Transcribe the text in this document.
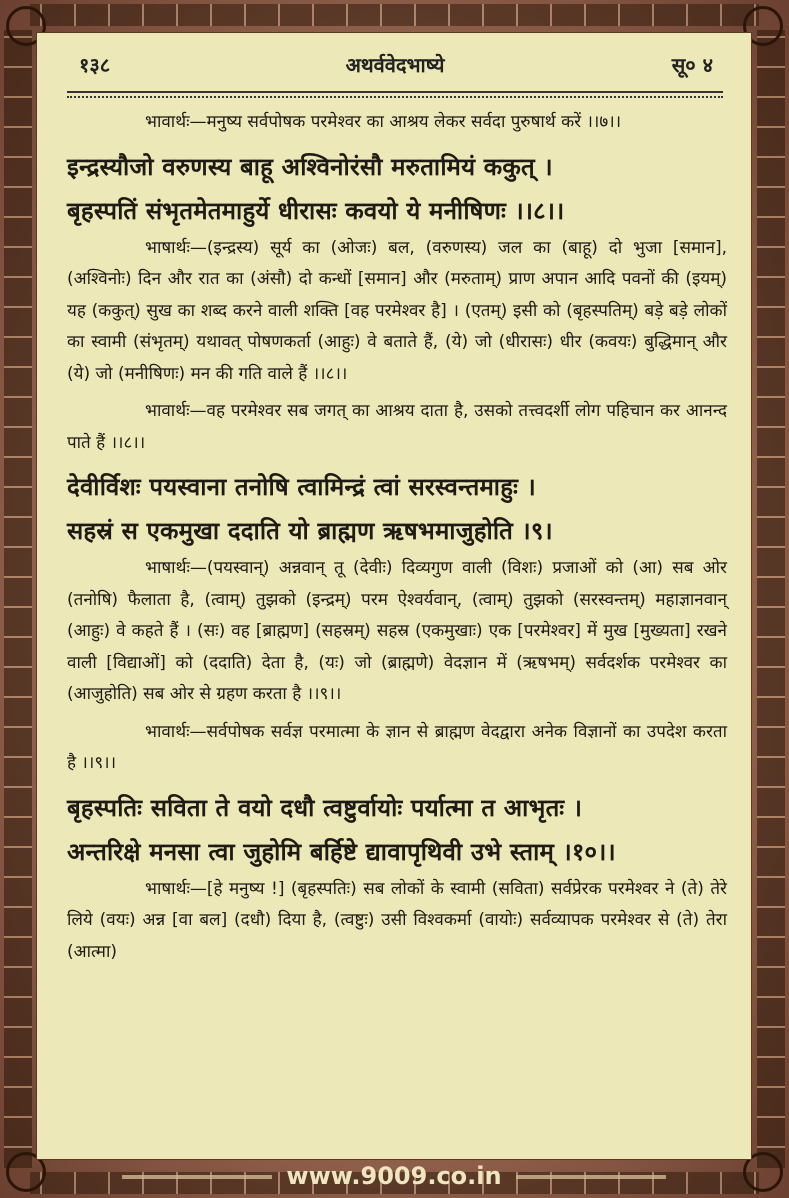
१३८	अथर्ववेदभाष्ये	सू० ४

भावार्थः—मनुष्य सर्वपोषक परमेश्वर का आश्रय लेकर सर्वदा पुरुषार्थ करें ।।७।।

इन्द्रस्यौजो वरुणस्य बाहू अश्विनोरंसौ मरुतामियं ककुत् ।

बृहस्पतिं संभृतमेतमाहुर्ये धीरासः कवयो ये मनीषिणः ।।८।।

भाषार्थः—(इन्द्रस्य) सूर्य का (ओजः) बल, (वरुणस्य) जल का (बाहू) दो भुजा [समान], (अश्विनोः) दिन और रात का (अंसौ) दो कन्धों [समान] और (मरुताम्) प्राण अपान आदि पवनों की (इयम्) यह (ककुत्) सुख का शब्द करने वाली शक्ति [वह परमेश्वर है] । (एतम्) इसी को (बृहस्पतिम्) बड़े बड़े लोकों का स्वामी (संभृतम्) यथावत् पोषणकर्ता (आहुः) वे बताते हैं, (ये) जो (धीरासः) धीर (कवयः) बुद्धिमान् और (ये) जो (मनीषिणः) मन की गति वाले हैं ।।८।।

भावार्थः—वह परमेश्वर सब जगत् का आश्रय दाता है, उसको तत्त्वदर्शी लोग पहिचान कर आनन्द पाते हैं ।।८।।

देवीर्विशः पयस्वाना तनोषि त्वामिन्द्रं त्वां सरस्वन्तमाहुः ।

सहस्रं स एकमुखा ददाति यो ब्राह्मण ऋषभमाजुहोति ।९।

भाषार्थः—(पयस्वान्) अन्नवान् तू (देवीः) दिव्यगुण वाली (विशः) प्रजाओं को (आ) सब ओर (तनोषि) फैलाता है, (त्वाम्) तुझको (इन्द्रम्) परम ऐश्वर्यवान्, (त्वाम्) तुझको (सरस्वन्तम्) महाज्ञानवान् (आहुः) वे कहते हैं । (सः) वह [ब्राह्मण] (सहस्रम्) सहस्र (एकमुखाः) एक [परमेश्वर] में मुख [मुख्यता] रखने वाली [विद्याओं] को (ददाति) देता है, (यः) जो (ब्राह्मणे) वेदज्ञान में (ऋषभम्) सर्वदर्शक परमेश्वर का (आजुहोति) सब ओर से ग्रहण करता है ।।९।।

भावार्थः—सर्वपोषक सर्वज्ञ परमात्मा के ज्ञान से ब्राह्मण वेदद्वारा अनेक विज्ञानों का उपदेश करता है ।।९।।

बृहस्पतिः सविता ते वयो दधौ त्वष्टुर्वायोः पर्यात्मा त आभृतः ।

अन्तरिक्षे मनसा त्वा जुहोमि बर्हिष्टे द्यावापृथिवी उभे स्ताम् ।१०।।

भाषार्थः—[हे मनुष्य !] (बृहस्पतिः) सब लोकों के स्वामी (सविता) सर्वप्रेरक परमेश्वर ने (ते) तेरे लिये (वयः) अन्न [वा बल] (दधौ) दिया है, (त्वष्टुः) उसी विश्वकर्मा (वायोः) सर्वव्यापक परमेश्वर से (ते) तेरा (आत्मा)

www.9009.co.in
